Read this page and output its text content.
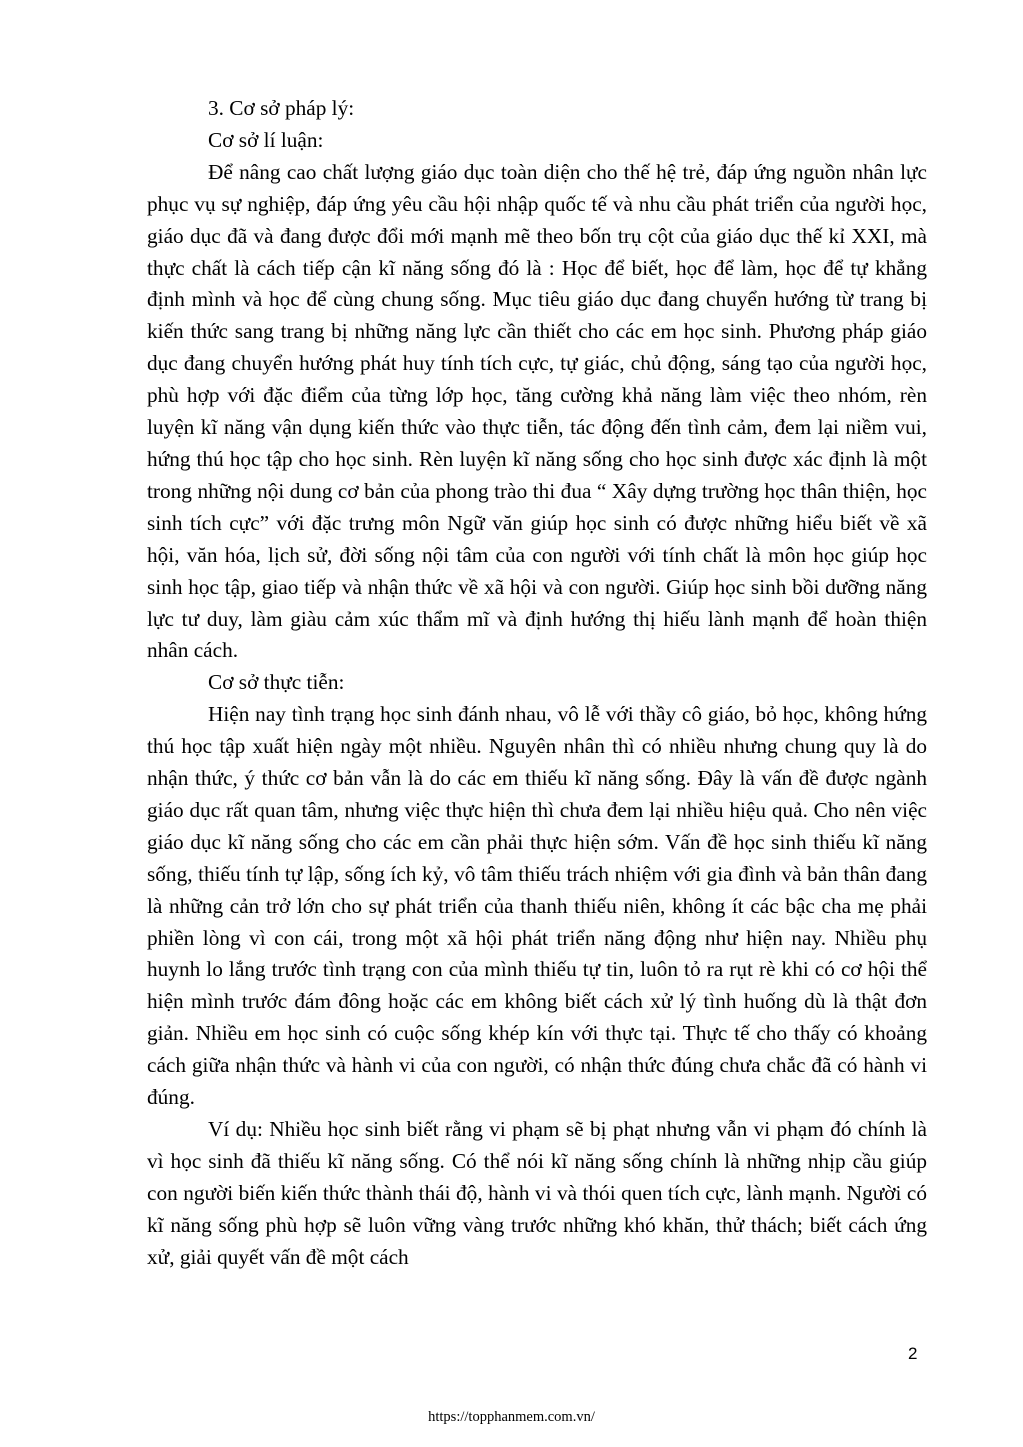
3. Cơ sở pháp lý:

Cơ sở lí luận:

Để nâng cao chất lượng giáo dục toàn diện cho thế hệ trẻ, đáp ứng nguồn nhân lực phục vụ sự nghiệp, đáp ứng yêu cầu hội nhập quốc tế và nhu cầu phát triển của người học, giáo dục đã và đang được đổi mới mạnh mẽ theo bốn trụ cột của giáo dục thế kỉ XXI, mà thực chất là cách tiếp cận kĩ năng sống đó là : Học để biết, học để làm, học để tự khẳng định mình và học để cùng chung sống. Mục tiêu giáo dục đang chuyển hướng từ trang bị kiến thức sang trang bị những năng lực cần thiết cho các em học sinh. Phương pháp giáo dục đang chuyển hướng phát huy tính tích cực, tự giác, chủ động, sáng tạo của người học, phù hợp với đặc điểm của từng lớp học, tăng cường khả năng làm việc theo nhóm, rèn luyện kĩ năng vận dụng kiến thức vào thực tiễn, tác động đến tình cảm, đem lại niềm vui, hứng thú học tập cho học sinh. Rèn luyện kĩ năng sống cho học sinh được xác định là một trong những nội dung cơ bản của phong trào thi đua “ Xây dựng trường học thân thiện, học sinh tích cực” với đặc trưng môn Ngữ văn giúp học sinh có được những hiểu biết về xã hội, văn hóa, lịch sử, đời sống nội tâm của con người với tính chất là môn học giúp học sinh học tập, giao tiếp và nhận thức về xã hội và con người. Giúp học sinh bồi dưỡng năng lực tư duy, làm giàu cảm xúc thẩm mĩ và định hướng thị hiếu lành mạnh để hoàn thiện nhân cách.

Cơ sở thực tiễn:

Hiện nay tình trạng học sinh đánh nhau, vô lễ với thầy cô giáo, bỏ học, không hứng thú học tập xuất hiện ngày một nhiều. Nguyên nhân thì có nhiều nhưng chung quy là do nhận thức, ý thức cơ bản vẫn là do các em thiếu kĩ năng sống. Đây là vấn đề được ngành giáo dục rất quan tâm, nhưng việc thực hiện thì chưa đem lại nhiều hiệu quả. Cho nên việc giáo dục kĩ năng sống cho các em cần phải thực hiện sớm. Vấn đề học sinh thiếu kĩ năng sống, thiếu tính tự lập, sống ích kỷ, vô tâm thiếu trách nhiệm với gia đình và bản thân đang là những cản trở lớn cho sự phát triển của thanh thiếu niên, không ít các bậc cha mẹ phải phiền lòng vì con cái, trong một xã hội phát triển năng động như hiện nay. Nhiều phụ huynh lo lắng trước tình trạng con của mình thiếu tự tin, luôn tỏ ra rụt rè khi có cơ hội thể hiện mình trước đám đông hoặc các em không biết cách xử lý tình huống dù là thật đơn giản. Nhiều em học sinh có cuộc sống khép kín với thực tại. Thực tế cho thấy có khoảng cách giữa nhận thức và hành vi của con người, có nhận thức đúng chưa chắc đã có hành vi đúng.

Ví dụ: Nhiều học sinh biết rằng vi phạm sẽ bị phạt nhưng vẫn vi phạm đó chính là vì học sinh đã thiếu kĩ năng sống. Có thể nói kĩ năng sống chính là những nhịp cầu giúp con người biến kiến thức thành thái độ, hành vi và thói quen tích cực, lành mạnh. Người có kĩ năng sống phù hợp sẽ luôn vững vàng trước những khó khăn, thử thách; biết cách ứng xử, giải quyết vấn đề một cách

2
https://topphanmem.com.vn/
